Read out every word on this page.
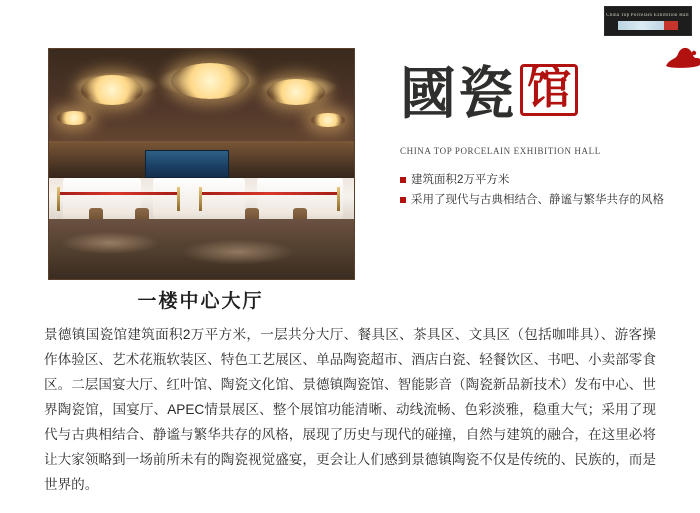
China Top Porcelain Exhibition Hall
國瓷 馆
CHINA TOP PORCELAIN EXHIBITION HALL
建筑面积2万平方米
采用了现代与古典相结合、静谧与繁华共存的风格
一楼中心大厅
景德镇国瓷馆建筑面积2万平方米，一层共分大厅、餐具区、茶具区、文具区（包括咖啡具）、游客操作体验区、艺术花瓶软装区、特色工艺展区、单品陶瓷超市、酒店白瓷、轻餐饮区、书吧、小卖部零食区。二层国宴大厅、红叶馆、陶瓷文化馆、景德镇陶瓷馆、智能影音（陶瓷新品新技术）发布中心、世界陶瓷馆，国宴厅、APEC情景展区、整个展馆功能清晰、动线流畅、色彩淡雅，稳重大气；采用了现代与古典相结合、静谧与繁华共存的风格，展现了历史与现代的碰撞，自然与建筑的融合，在这里必将让大家领略到一场前所未有的陶瓷视觉盛宴，更会让人们感到景德镇陶瓷不仅是传统的、民族的，而是世界的。
